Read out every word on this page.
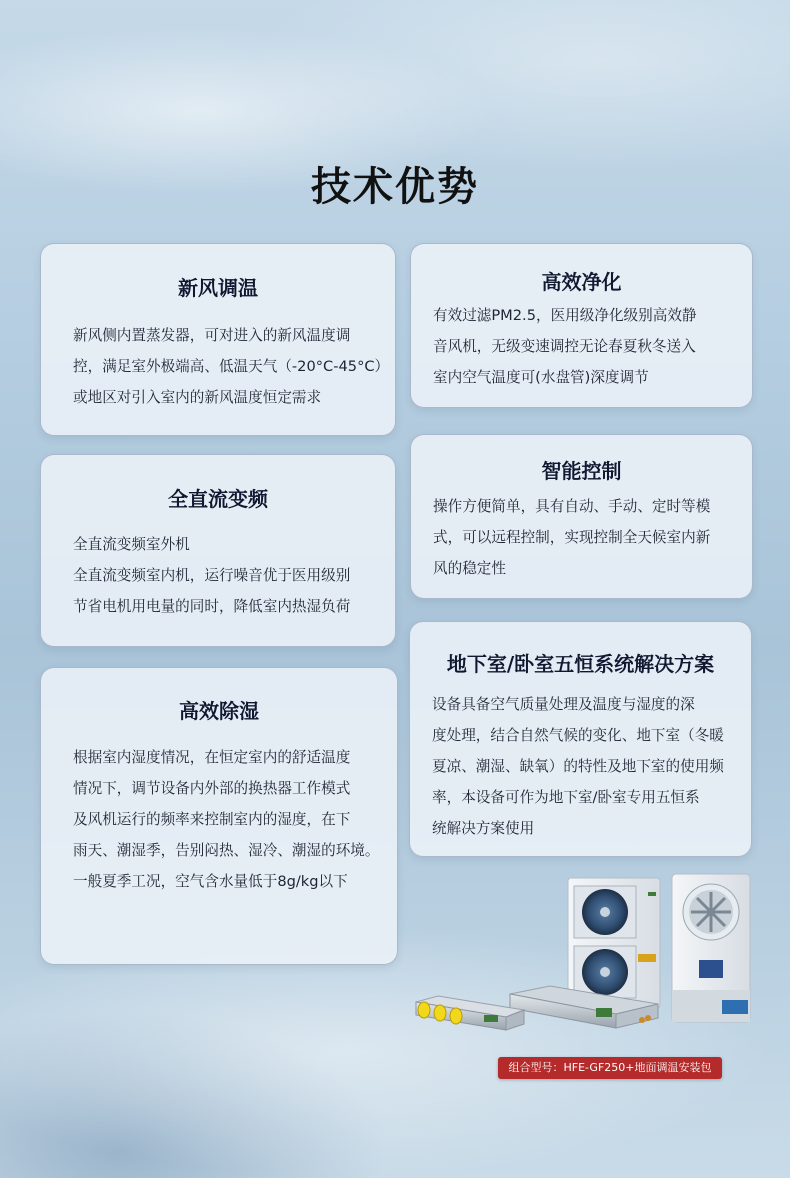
技术优势
新风调温
新风侧内置蒸发器，可对进入的新风温度调
控，满足室外极端高、低温天气（-20°C-45°C）
或地区对引入室内的新风温度恒定需求
全直流变频
全直流变频室外机
全直流变频室内机，运行噪音优于医用级别
节省电机用电量的同时，降低室内热湿负荷
高效除湿
根据室内湿度情况，在恒定室内的舒适温度
情况下，调节设备内外部的换热器工作模式
及风机运行的频率来控制室内的湿度，在下
雨天、潮湿季，告别闷热、湿冷、潮湿的环境。
一般夏季工况，空气含水量低于8g/kg以下
高效净化
有效过滤PM2.5，医用级净化级别高效静
音风机，无级变速调控无论春夏秋冬送入
室内空气温度可(水盘管)深度调节
智能控制
操作方便简单，具有自动、手动、定时等模
式，可以远程控制，实现控制全天候室内新
风的稳定性
地下室/卧室五恒系统解决方案
设备具备空气质量处理及温度与湿度的深
度处理，结合自然气候的变化、地下室（冬暖
夏凉、潮湿、缺氧）的特性及地下室的使用频
率，本设备可作为地下室/卧室专用五恒系
统解决方案使用
组合型号：HFE-GF250+地面调温安装包
